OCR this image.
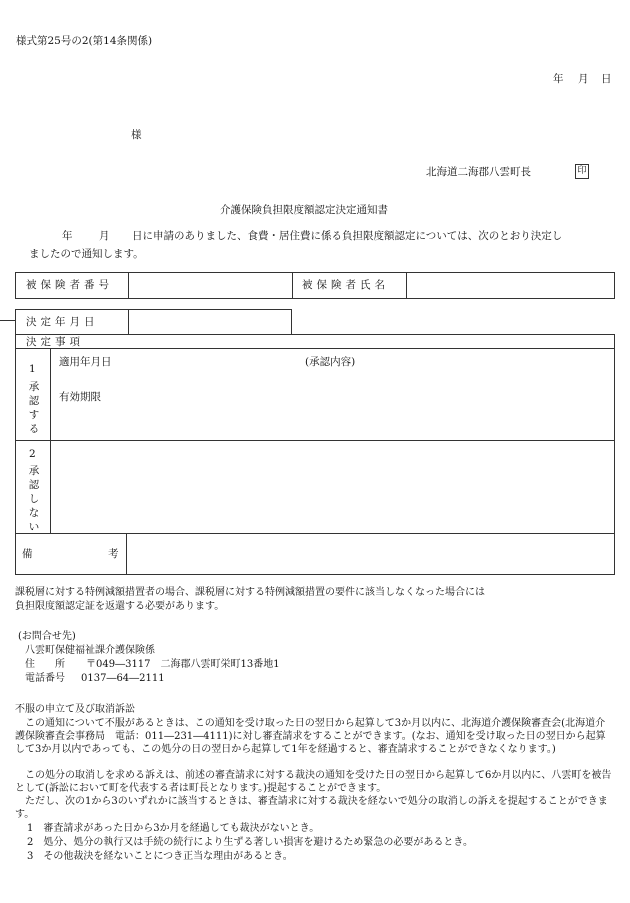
様式第25号の2(第14条関係)
年 月 日
様
北海道二海郡八雲町長	印
介護保険負担限度額認定決定通知書
年	月 日に申請のありました、食費・居住費に係る負担限度額認定については、次のとおり決定し
ましたので通知します。
被保険者番号	被保険者氏名
決定年月日
決定事項
1
承
認
す
る
適用年月日	(承認内容)
有効期限
2
承
認
し
な
い
備	考
課税層に対する特例減額措置者の場合、課税層に対する特例減額措置の要件に該当しなくなった場合には
負担限度額認定証を返還する必要があります。
(お問合せ先)
八雲町保健福祉課介護保険係
住　　所 〒049―3117　二海郡八雲町栄町13番地1
電話番号 0137―64―2111
不服の申立て及び取消訴訟
　この通知について不服があるときは、この通知を受け取った日の翌日から起算して3か月以内に、北海道介護保険審査会(北海道介護保険審査会事務局　電話：011―231―4111)に対し審査請求をすることができます。(なお、通知を受け取った日の翌日から起算して3か月以内であっても、この処分の日の翌日から起算して1年を経過すると、審査請求することができなくなります。)
　この処分の取消しを求める訴えは、前述の審査請求に対する裁決の通知を受けた日の翌日から起算して6か月以内に、八雲町を被告として(訴訟において町を代表する者は町長となります。)提起することができます。
　ただし、次の1から3のいずれかに該当するときは、審査請求に対する裁決を経ないで処分の取消しの訴えを提起することができます。
1　審査請求があった日から3か月を経過しても裁決がないとき。
2　処分、処分の執行又は手続の続行により生ずる著しい損害を避けるため緊急の必要があるとき。
3　その他裁決を経ないことにつき正当な理由があるとき。
